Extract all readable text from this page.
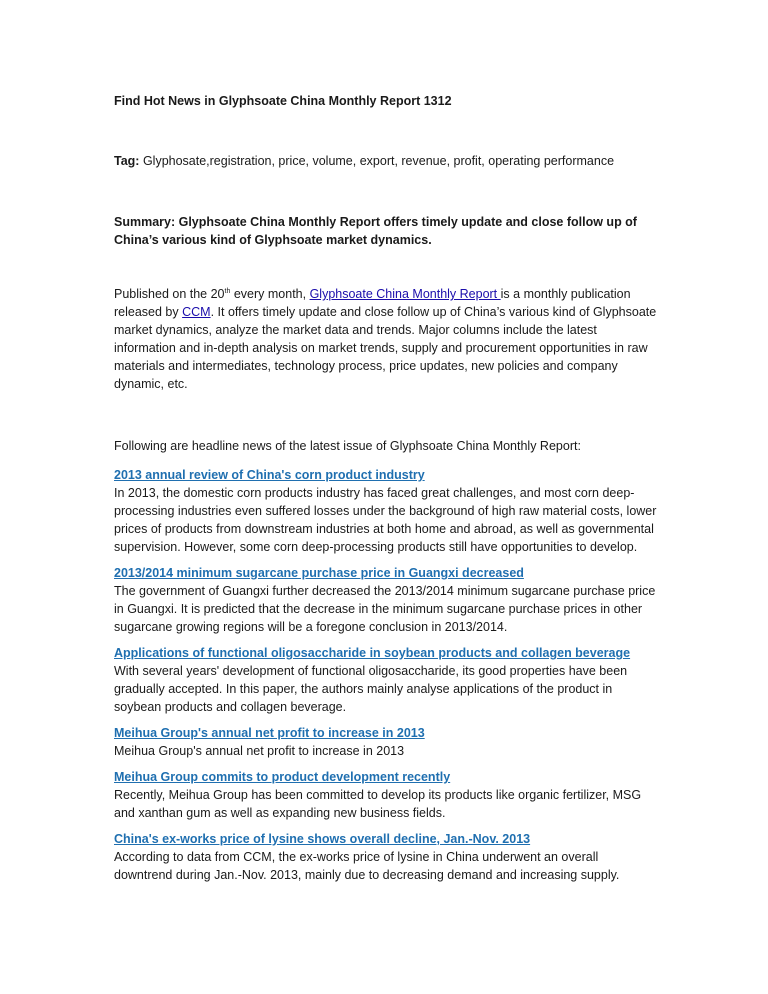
Find Hot News in Glyphsoate China Monthly Report 1312

Tag: Glyphosate,registration, price, volume, export, revenue, profit, operating performance

Summary: Glyphsoate China Monthly Report offers timely update and close follow up of China’s various kind of Glyphsoate market dynamics.

Published on the 20th every month, Glyphsoate China Monthly Report is a monthly publication released by CCM. It offers timely update and close follow up of China’s various kind of Glyphsoate market dynamics, analyze the market data and trends. Major columns include the latest information and in-depth analysis on market trends, supply and procurement opportunities in raw materials and intermediates, technology process, price updates, new policies and company dynamic, etc.

Following are headline news of the latest issue of Glyphsoate China Monthly Report:

2013 annual review of China's corn product industry

In 2013, the domestic corn products industry has faced great challenges, and most corn deep-processing industries even suffered losses under the background of high raw material costs, lower prices of products from downstream industries at both home and abroad, as well as governmental supervision. However, some corn deep-processing products still have opportunities to develop.

2013/2014 minimum sugarcane purchase price in Guangxi decreased

The government of Guangxi further decreased the 2013/2014 minimum sugarcane purchase price in Guangxi. It is predicted that the decrease in the minimum sugarcane purchase prices in other sugarcane growing regions will be a foregone conclusion in 2013/2014.

Applications of functional oligosaccharide in soybean products and collagen beverage

With several years' development of functional oligosaccharide, its good properties have been gradually accepted. In this paper, the authors mainly analyse applications of the product in soybean products and collagen beverage.

Meihua Group's annual net profit to increase in 2013

Meihua Group's annual net profit to increase in 2013

Meihua Group commits to product development recently

Recently, Meihua Group has been committed to develop its products like organic fertilizer, MSG and xanthan gum as well as expanding new business fields.

China's ex-works price of lysine shows overall decline, Jan.-Nov. 2013

According to data from CCM, the ex-works price of lysine in China underwent an overall downtrend during Jan.-Nov. 2013, mainly due to decreasing demand and increasing supply.
